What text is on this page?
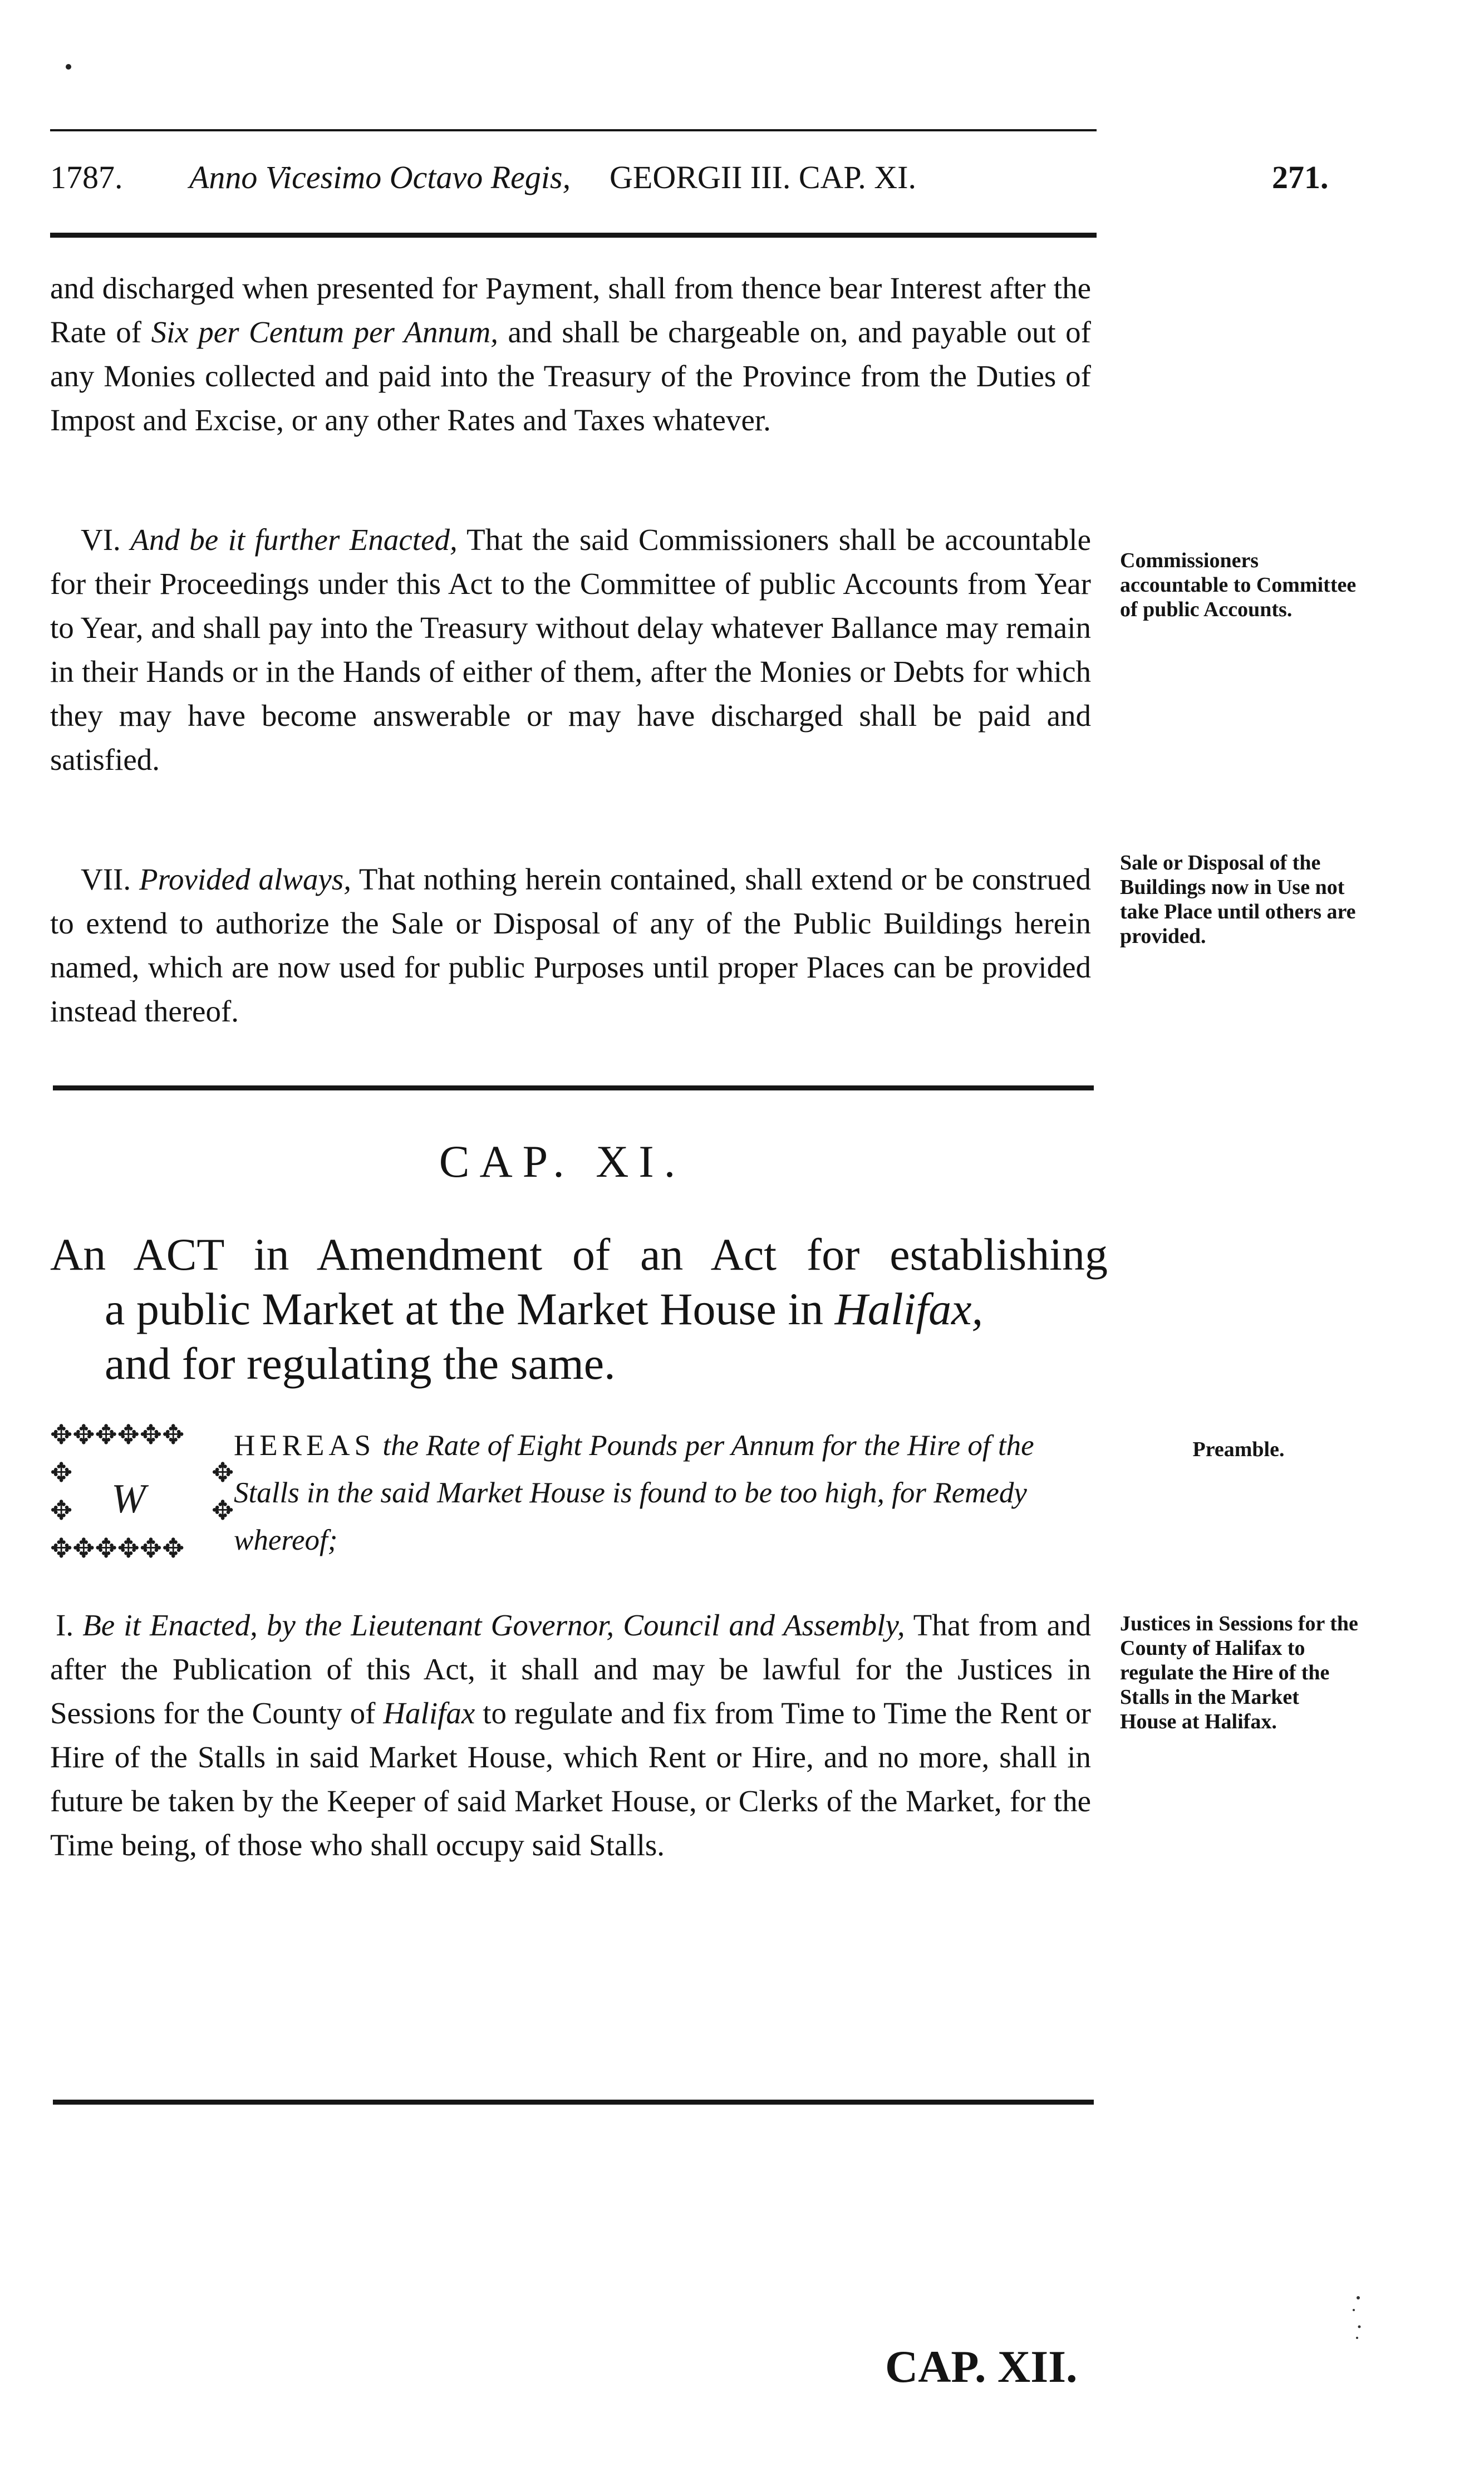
1787. Anno Vicesimo Octavo Regis, GEORGII III. CAP. XI.	271.

and discharged when presented for Payment, shall from thence bear Interest after the Rate of Six per Centum per Annum, and shall be chargeable on, and payable out of any Monies collected and paid into the Treasury of the Province from the Duties of Impost and Excise, or any other Rates and Taxes whatever.

VI. And be it further Enacted, That the said Commissioners shall be accountable for their Proceedings under this Act to the Committee of public Accounts from Year to Year, and shall pay into the Treasury without delay whatever Ballance may remain in their Hands or in the Hands of either of them, after the Monies or Debts for which they may have become answerable or may have discharged shall be paid and satisfied.

Commissioners accountable to Committee of public Accounts.

VII. Provided always, That nothing herein contained, shall extend or be construed to extend to authorize the Sale or Disposal of any of the Public Buildings herein named, which are now used for public Purposes until proper Places can be provided instead thereof.

Sale or Disposal of the Buildings now in Use not take Place until others are provided.
CAP. XI.
An ACT in Amendment of an Act for establishing
a public Market at the Market House in Halifax,
and for regulating the same.
✥✥✥✥✥✥
✥
✥
✥
✥
✥✥✥✥✥✥
W
HEREAS the Rate of Eight Pounds per Annum for the Hire of the Stalls in the said Market House is found to be too high, for Remedy whereof;
Preamble.

I. Be it Enacted, by the Lieutenant Governor, Council and Assembly, That from and after the Publication of this Act, it shall and may be lawful for the Justices in Sessions for the County of Halifax to regulate and fix from Time to Time the Rent or Hire of the Stalls in said Market House, which Rent or Hire, and no more, shall in future be taken by the Keeper of said Market House, or Clerks of the Market, for the Time being, of those who shall occupy said Stalls.

Justices in Sessions for the County of Halifax to regulate the Hire of the Stalls in the Market House at Halifax.
CAP. XII.
